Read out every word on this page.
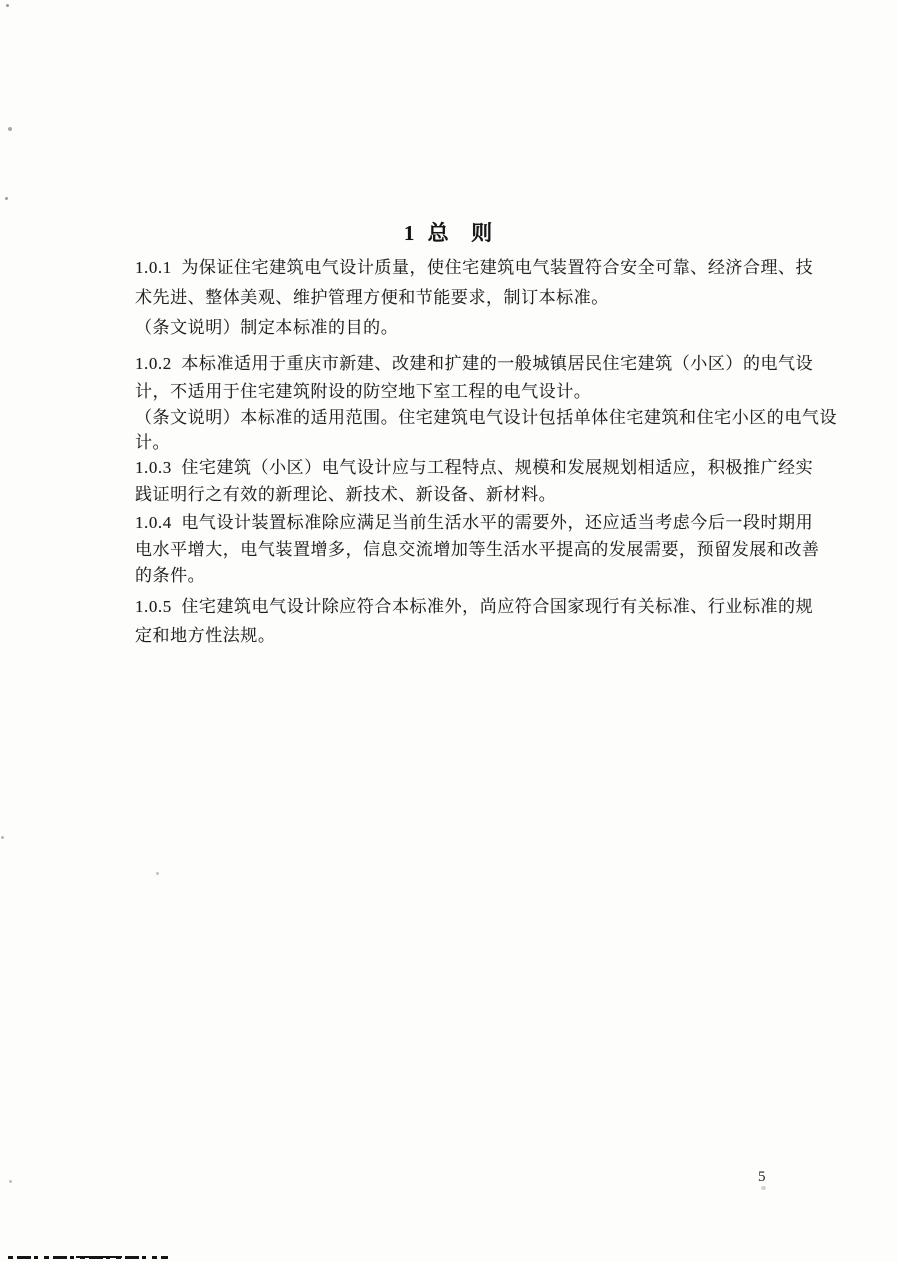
1 总  则
1.0.1  为保证住宅建筑电气设计质量，使住宅建筑电气装置符合安全可靠、经济合理、技
术先进、整体美观、维护管理方便和节能要求，制订本标准。
（条文说明）制定本标准的目的。
1.0.2  本标准适用于重庆市新建、改建和扩建的一般城镇居民住宅建筑（小区）的电气设
计，不适用于住宅建筑附设的防空地下室工程的电气设计。
（条文说明）本标准的适用范围。住宅建筑电气设计包括单体住宅建筑和住宅小区的电气设
计。
1.0.3  住宅建筑（小区）电气设计应与工程特点、规模和发展规划相适应，积极推广经实
践证明行之有效的新理论、新技术、新设备、新材料。
1.0.4  电气设计装置标准除应满足当前生活水平的需要外，还应适当考虑今后一段时期用
电水平增大，电气装置增多，信息交流增加等生活水平提高的发展需要，预留发展和改善
的条件。
1.0.5  住宅建筑电气设计除应符合本标准外，尚应符合国家现行有关标准、行业标准的规
定和地方性法规。
5
